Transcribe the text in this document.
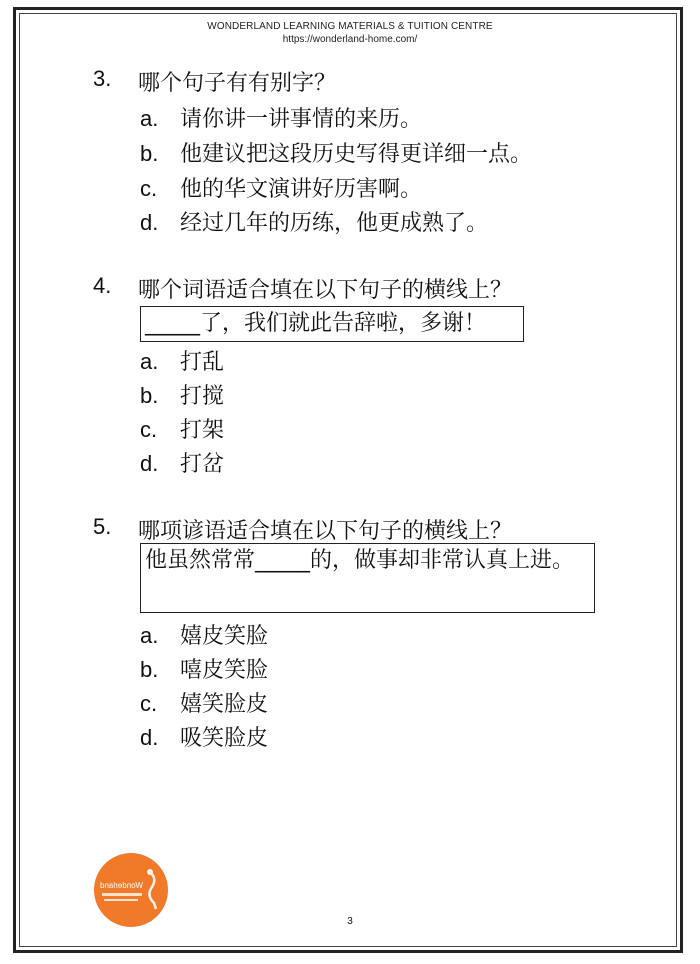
WONDERLAND LEARNING MATERIALS & TUITION CENTRE
https://wonderland-home.com/
3. 哪个句子有有别字？
a. 请你讲一讲事情的来历。
b. 他建议把这段历史写得更详细一点。
c. 他的华文演讲好历害啊。
d. 经过几年的历练，他更成熟了。
4. 哪个词语适合填在以下句子的横线上？
_____了，我们就此告辞啦，多谢！
a. 打乱
b. 打搅
c. 打架
d. 打岔
5. 哪项谚语适合填在以下句子的横线上？
他虽然常常_____的，做事却非常认真上进。
a. 嬉皮笑脸
b. 嘻皮笑脸
c. 嬉笑脸皮
d. 吸笑脸皮
Wonderland
3
